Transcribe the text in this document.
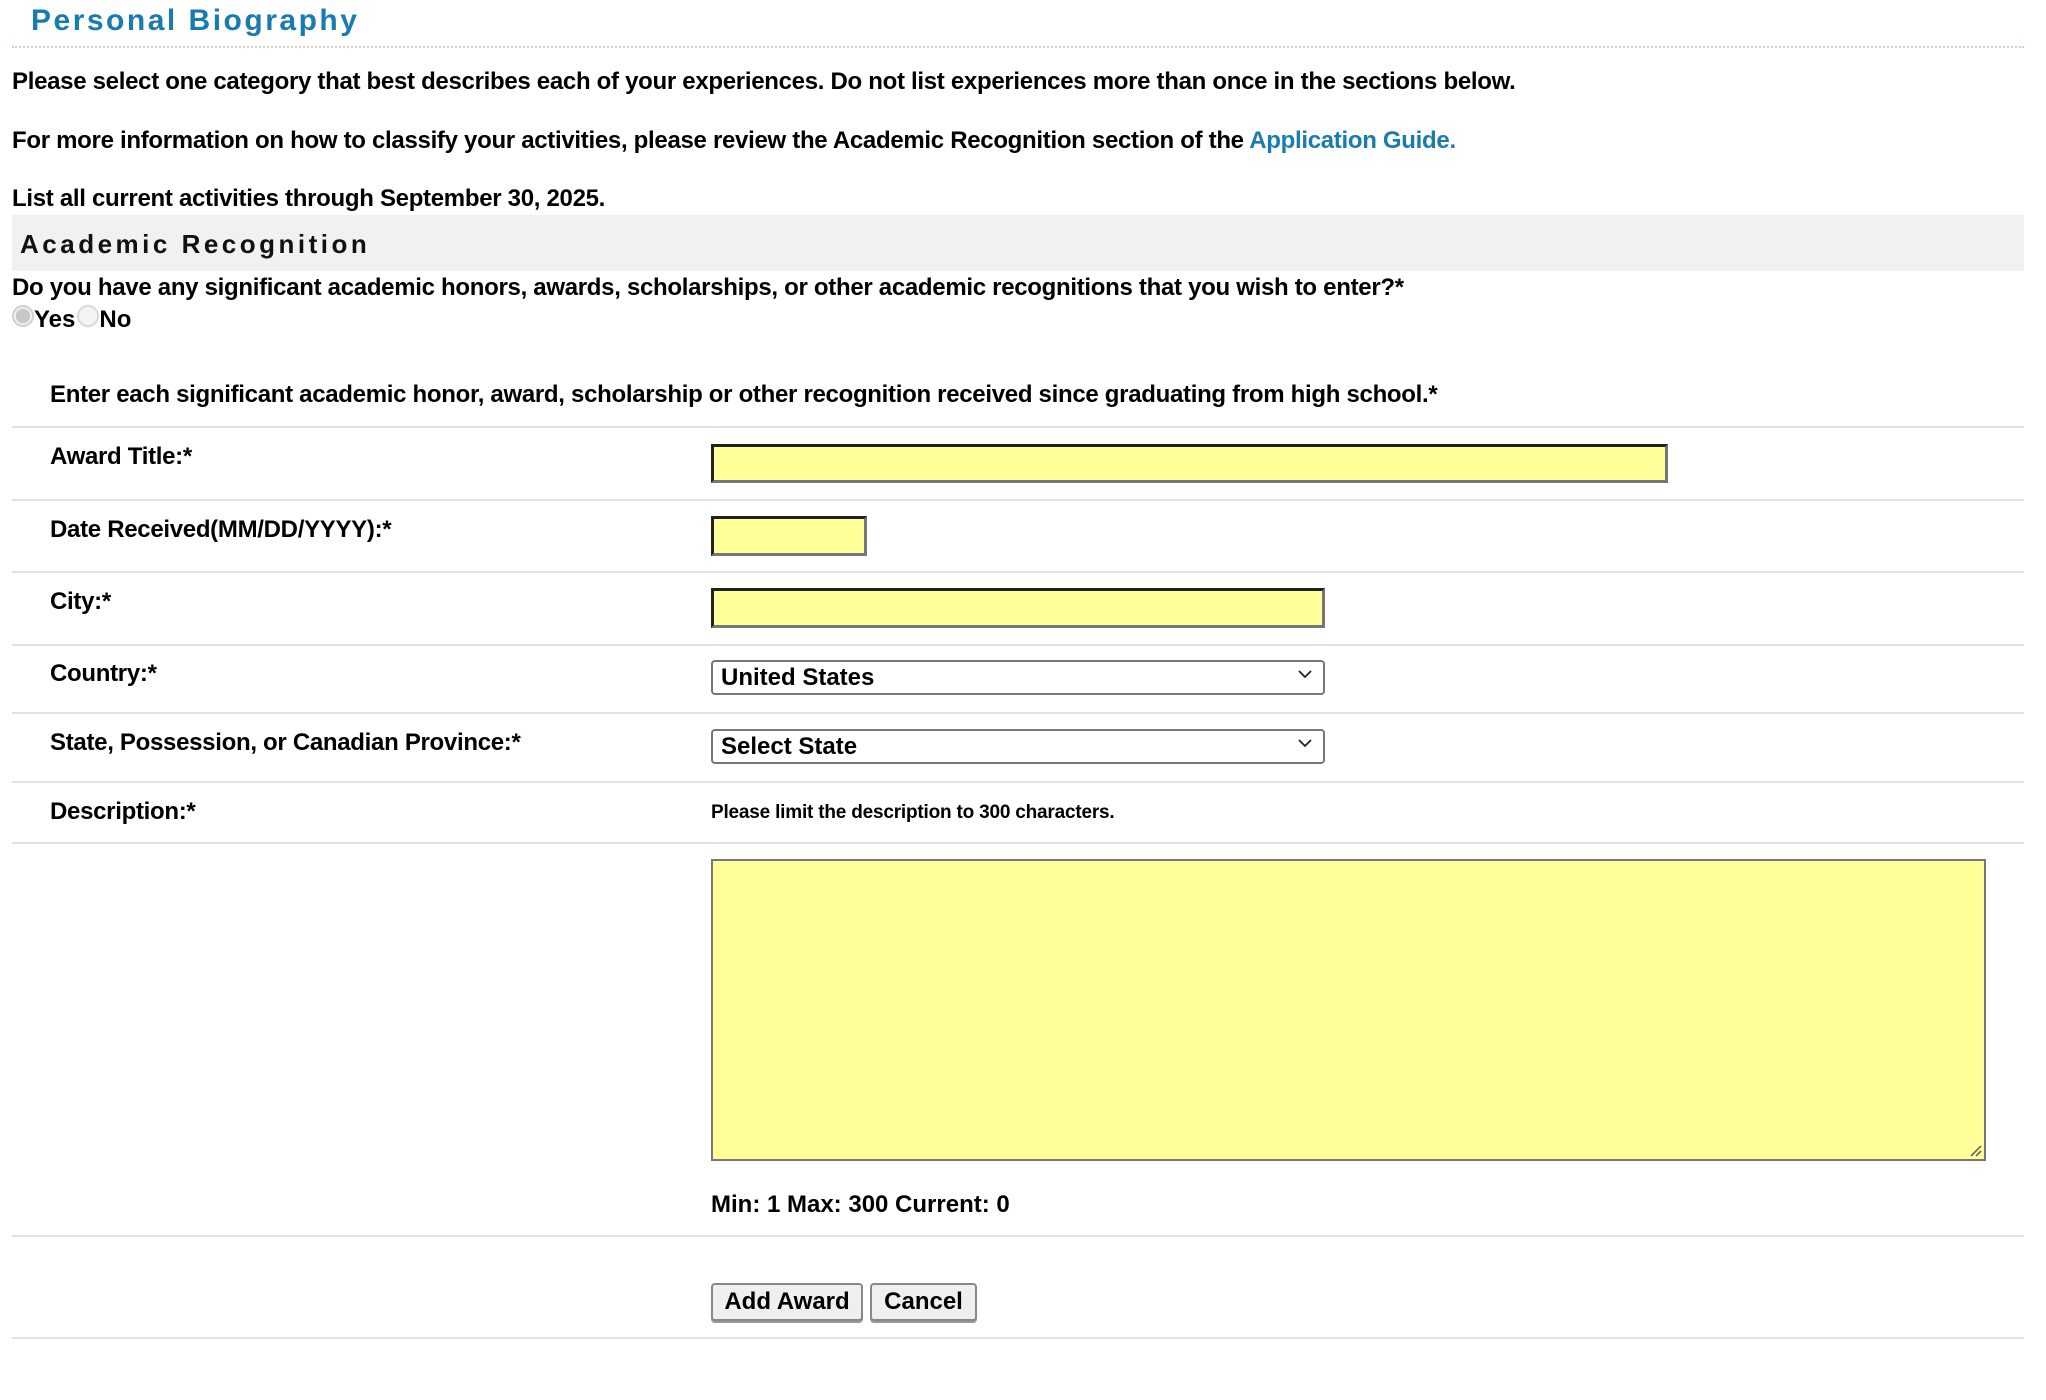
Personal Biography
Please select one category that best describes each of your experiences. Do not list experiences more than once in the sections below.
For more information on how to classify your activities, please review the Academic Recognition section of the Application Guide.
List all current activities through September 30, 2025.
Academic Recognition
Do you have any significant academic honors, awards, scholarships, or other academic recognitions that you wish to enter?*
Yes No
Enter each significant academic honor, award, scholarship or other recognition received since graduating from high school.*
Award Title:*
Date Received(MM/DD/YYYY):*
City:*
Country:*	United States
State, Possession, or Canadian Province:*	Select State
Description:*	Please limit the description to 300 characters.
Min: 1 Max: 300 Current: 0
Add Award	Cancel
